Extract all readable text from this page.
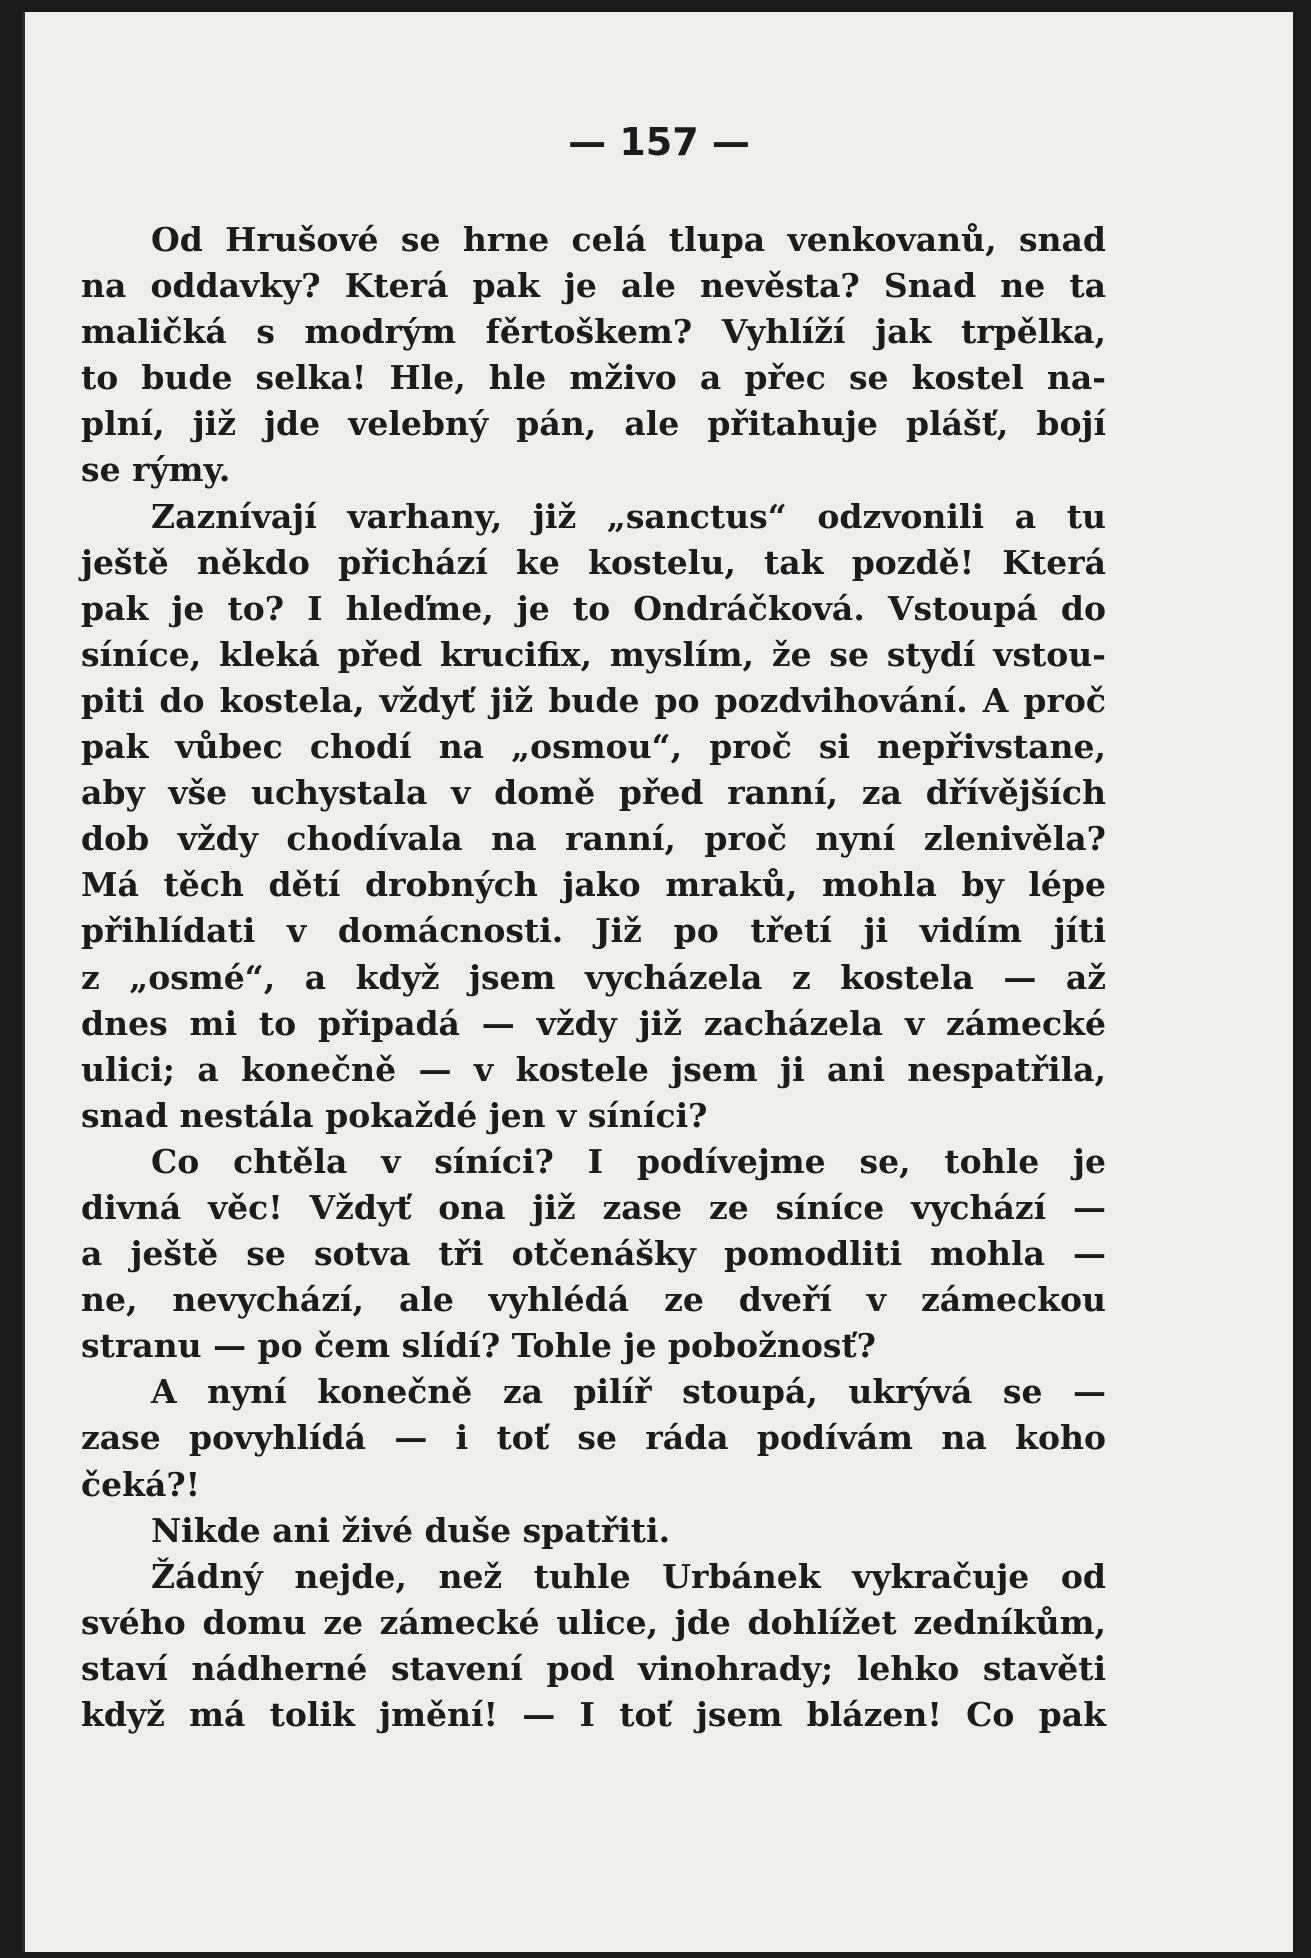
— 157 —
Od Hrušové se hrne celá tlupa venkovanů, snad
na oddavky? Která pak je ale nevěsta? Snad ne ta
maličká s modrým fěrtoškem? Vyhlíží jak trpělka,
to bude selka! Hle, hle mživo a přec se kostel na-
plní, již jde velebný pán, ale přitahuje plášť, bojí
se rýmy.
Zaznívají varhany, již „sanctus“ odzvonili a tu
ještě někdo přichází ke kostelu, tak pozdě! Která
pak je to? I hleďme, je to Ondráčková. Vstoupá do
síníce, kleká před krucifix, myslím, že se stydí vstou-
piti do kostela, vždyť již bude po pozdvihování. A proč
pak vůbec chodí na „osmou“, proč si nepřivstane,
aby vše uchystala v domě před ranní, za dřívějších
dob vždy chodívala na ranní, proč nyní zlenivěla?
Má těch dětí drobných jako mraků, mohla by lépe
přihlídati v domácnosti. Již po třetí ji vidím jíti
z „osmé“, a když jsem vycházela z kostela — až
dnes mi to připadá — vždy již zacházela v zámecké
ulici; a konečně — v kostele jsem ji ani nespatřila,
snad nestála pokaždé jen v síníci?
Co chtěla v síníci? I podívejme se, tohle je
divná věc! Vždyť ona již zase ze síníce vychází —
a ještě se sotva tři otčenášky pomodliti mohla —
ne, nevychází, ale vyhlédá ze dveří v zámeckou
stranu — po čem slídí? Tohle je pobožnosť?
A nyní konečně za pilíř stoupá, ukrývá se —
zase povyhlídá — i toť se ráda podívám na koho
čeká?!
Nikde ani živé duše spatřiti.
Žádný nejde, než tuhle Urbánek vykračuje od
svého domu ze zámecké ulice, jde dohlížet zedníkům,
staví nádherné stavení pod vinohrady; lehko stavěti
když má tolik jmění! — I toť jsem blázen! Co pak
